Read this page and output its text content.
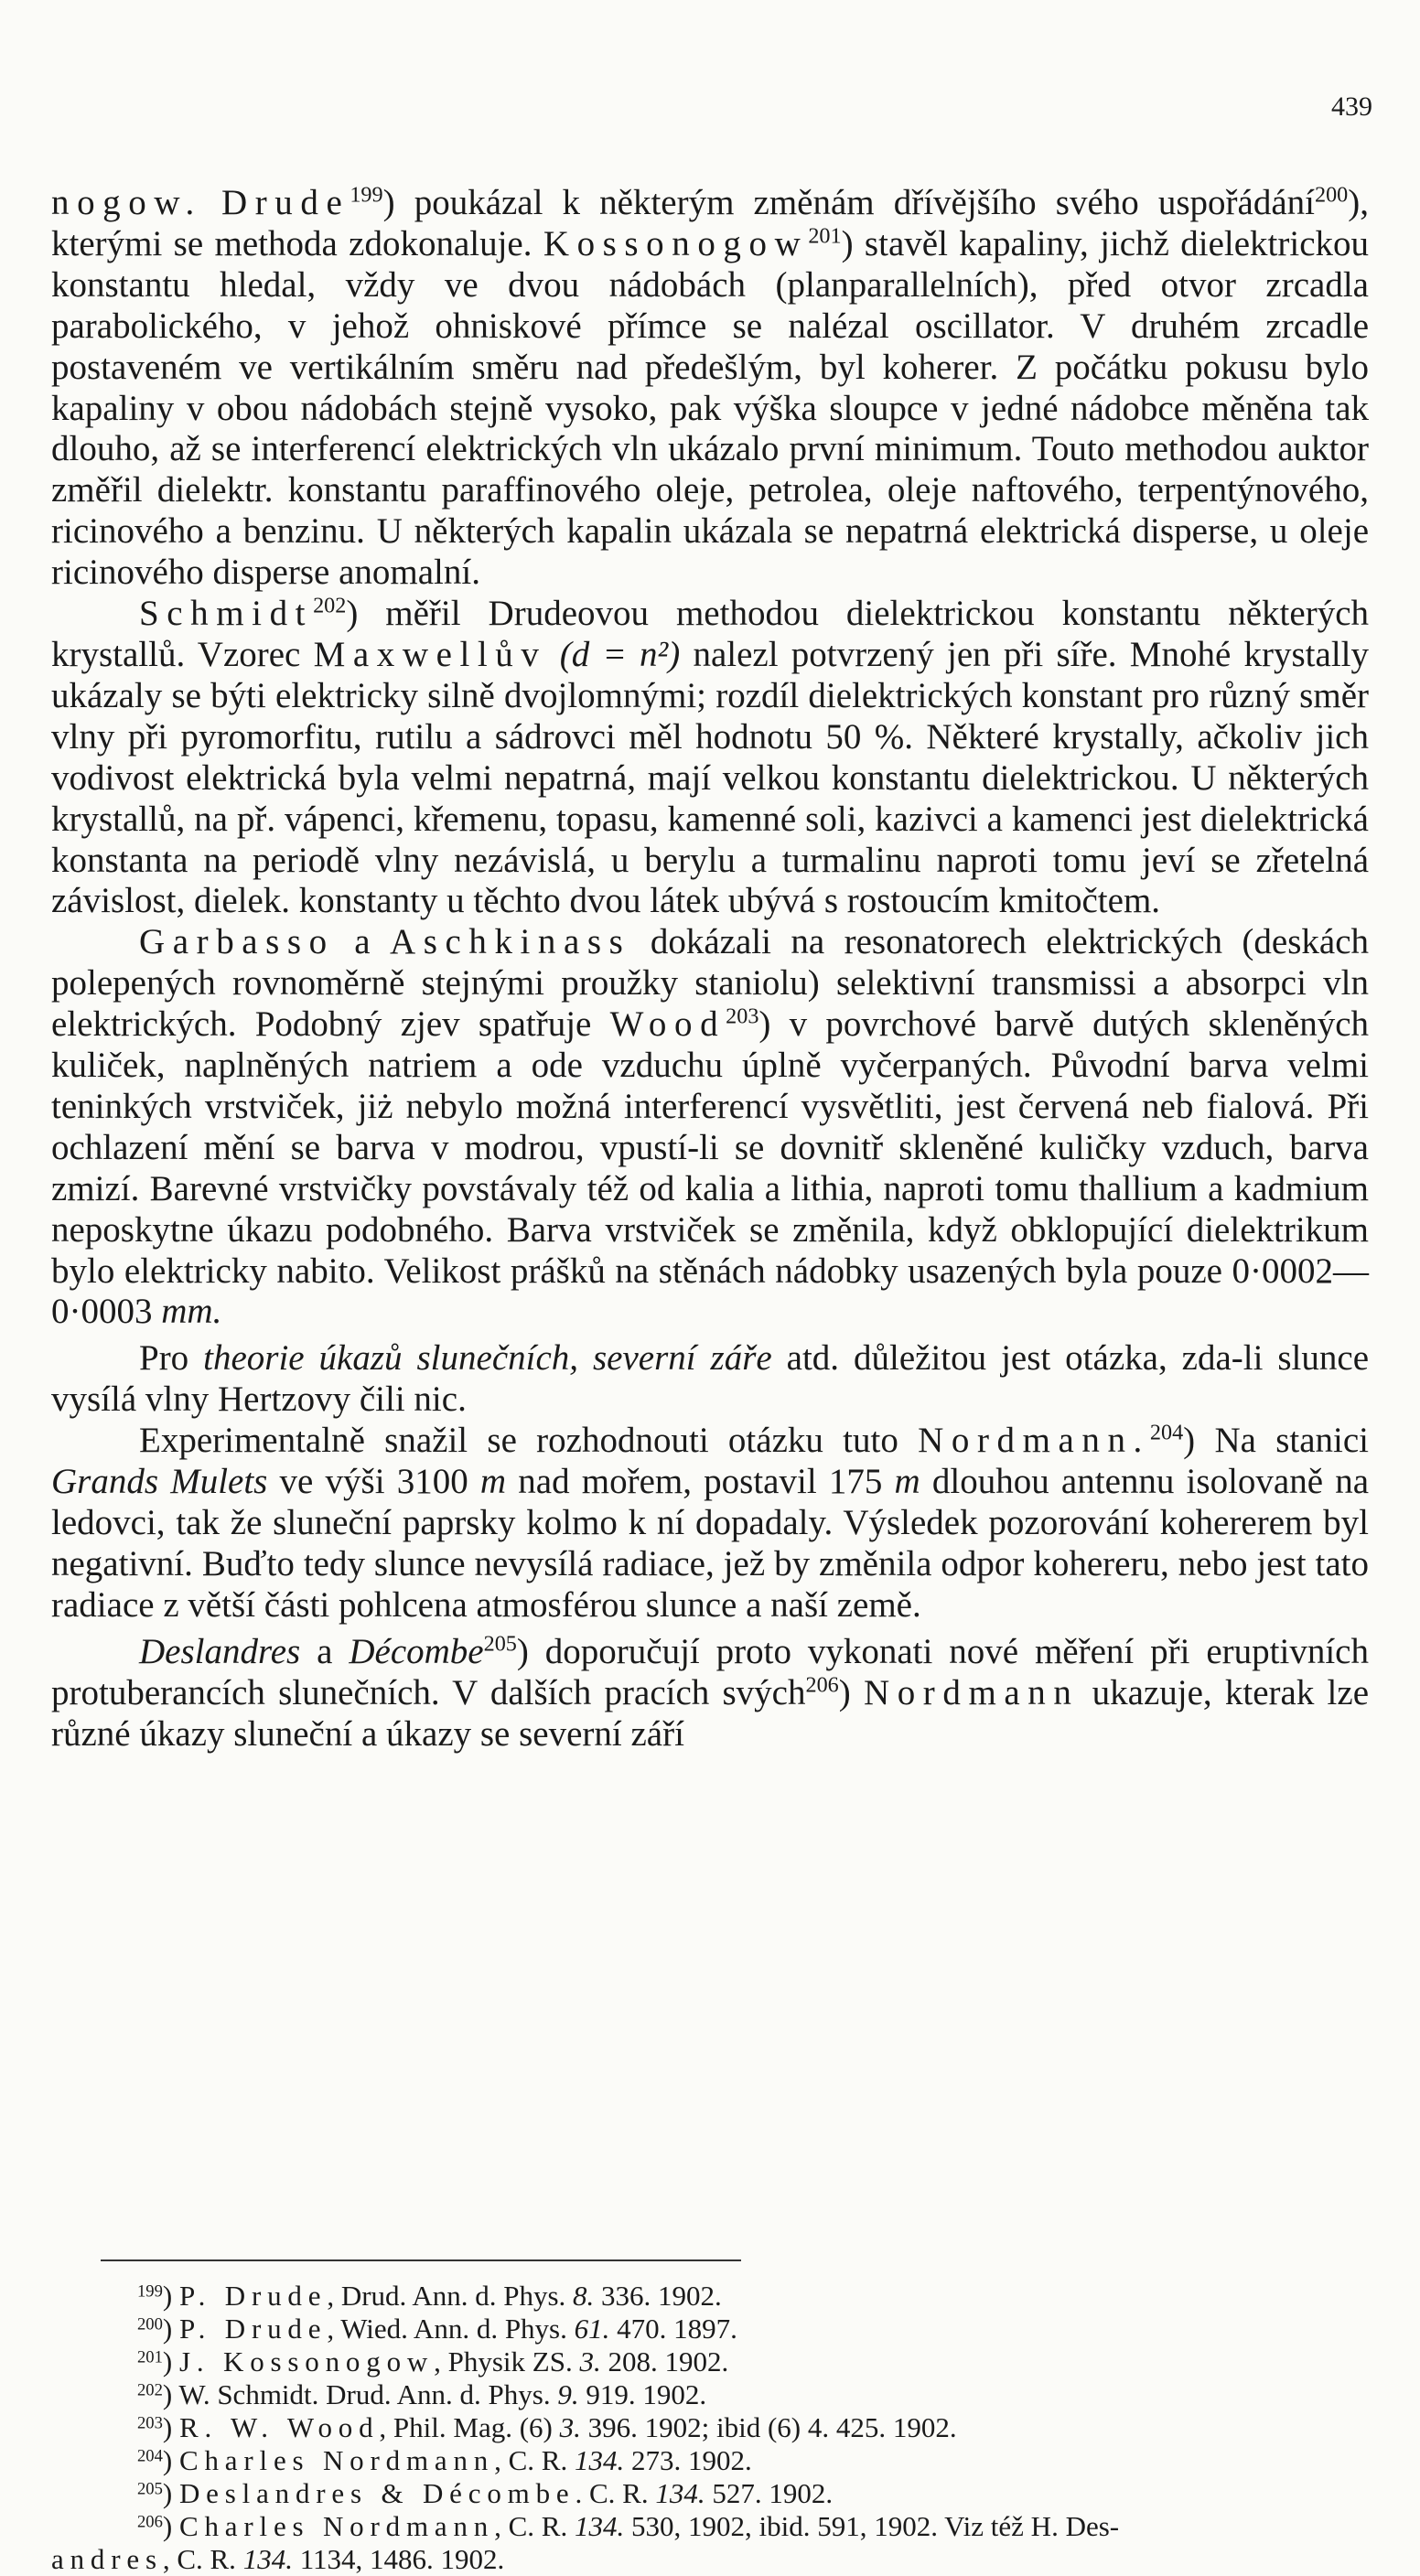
439

nogow. Drude$^{199}$) poukázal k některým změnám dřívějšího svého uspořádání$^{200}$), kterými se methoda zdokonaluje. Kossonogow$^{201}$) stavěl kapaliny, jichž dielektrickou konstantu hledal, vždy ve dvou nádobách (planparallelních), před otvor zrcadla parabolického, v jehož ohniskové přímce se nalézal oscillator. V druhém zrcadle postaveném ve vertikálním směru nad předešlým, byl koherer. Z počátku pokusu bylo kapaliny v obou nádobách stejně vysoko, pak výška sloupce v jedné nádobce měněna tak dlouho, až se interferencí elektrických vln ukázalo první minimum. Touto methodou auktor změřil dielektr. konstantu paraffinového oleje, petrolea, oleje naftového, terpentýnového, ricinového a benzinu. U některých kapalin ukázala se nepatrná elektrická disperse, u oleje ricinového disperse anomalní.

Schmidt$^{202}$) měřil Drudeovou methodou dielektrickou konstantu některých krystallů. Vzorec Maxwellův (d = n²) nalezl potvrzený jen při síře. Mnohé krystally ukázaly se býti elektricky silně dvojlomnými; rozdíl dielektrických konstant pro různý směr vlny při pyromorfitu, rutilu a sádrovci měl hodnotu 50 %. Některé krystally, ačkoliv jich vodivost elektrická byla velmi nepatrná, mají velkou konstantu dielektrickou. U některých krystallů, na př. vápenci, křemenu, topasu, kamenné soli, kazivci a kamenci jest dielektrická konstanta na periodě vlny nezávislá, u berylu a turmalinu naproti tomu jeví se zřetelná závislost, dielek. konstanty u těchto dvou látek ubývá s rostoucím kmitočtem.

Garbasso a Aschkinass dokázali na resonatorech elektrických (deskách polepených rovnoměrně stejnými proužky staniolu) selektivní transmissi a absorpci vln elektrických. Podobný zjev spatřuje Wood$^{203}$) v povrchové barvě dutých skleněných kuliček, naplněných natriem a ode vzduchu úplně vyčerpaných. Původní barva velmi teninkých vrstviček, jiż nebylo možná interferencí vysvětliti, jest červená neb fialová. Při ochlazení mění se barva v modrou, vpustí-li se dovnitř skleněné kuličky vzduch, barva zmizí. Barevné vrstvičky povstávaly též od kalia a lithia, naproti tomu thallium a kadmium neposkytne úkazu podobného. Barva vrstviček se změnila, když obklopující dielektrikum bylo elektricky nabito. Velikost prášků na stěnách nádobky usazených byla pouze 0·0002—0·0003 mm.

Pro theorie úkazů slunečních, severní záře atd. důležitou jest otázka, zda-li slunce vysílá vlny Hertzovy čili nic.

Experimentalně snažil se rozhodnouti otázku tuto Nordmann.$^{204}$) Na stanici Grands Mulets ve výši 3100 m nad mořem, postavil 175 m dlouhou antennu isolovaně na ledovci, tak že sluneční paprsky kolmo k ní dopadaly. Výsledek pozorování kohererem byl negativní. Buďto tedy slunce nevysílá radiace, jež by změnila odpor kohereru, nebo jest tato radiace z větší části pohlcena atmosférou slunce a naší země.

Deslandres a Décombe$^{205}$) doporučují proto vykonati nové měření při eruptivních protuberancích slunečních. V dalších pracích svých$^{206}$) Nordmann ukazuje, kterak lze různé úkazy sluneční a úkazy se severní září

$^{199}$) P. Drude, Drud. Ann. d. Phys. 8. 336. 1902.

$^{200}$) P. Drude, Wied. Ann. d. Phys. 61. 470. 1897.

$^{201}$) J. Kossonogow, Physik ZS. 3. 208. 1902.

$^{202}$) W. Schmidt. Drud. Ann. d. Phys. 9. 919. 1902.

$^{203}$) R. W. Wood, Phil. Mag. (6) 3. 396. 1902; ibid (6) 4. 425. 1902.

$^{204}$) Charles Nordmann, C. R. 134. 273. 1902.

$^{205}$) Deslandres & Décombe. C. R. 134. 527. 1902.

$^{206}$) Charles Nordmann, C. R. 134. 530, 1902, ibid. 591, 1902. Viz též H. Des-

andres, C. R. 134. 1134, 1486. 1902.
